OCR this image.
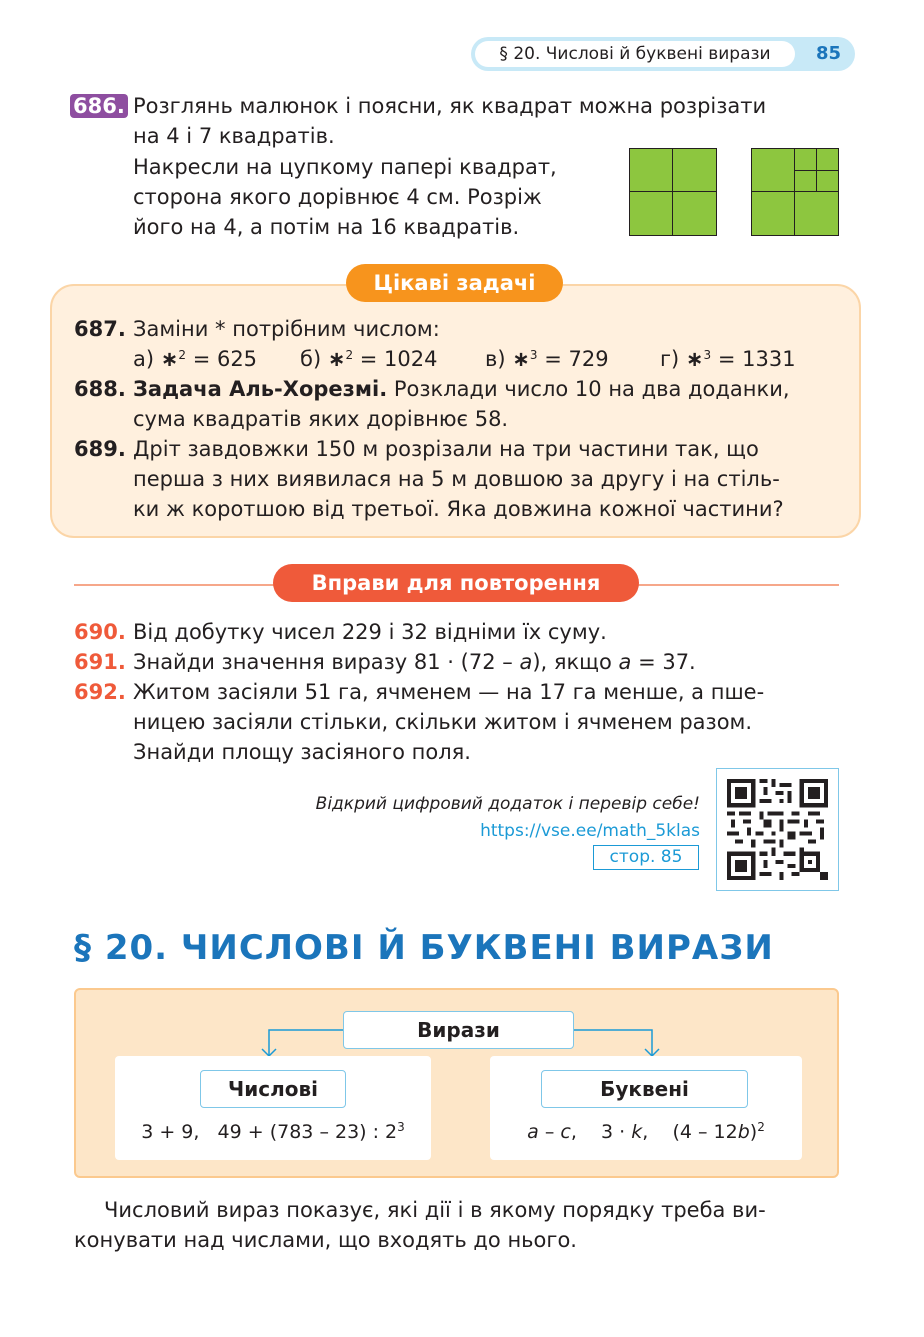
§ 20. Числові й буквені вирази	85
686. Розглянь малюнок і поясни, як квадрат можна розрізати
на 4 і 7 квадратів.
Накресли на цупкому папері квадрат,
сторона якого дорівнює 4 см. Розріж
його на 4, а потім на 16 квадратів.
Цікаві задачі
687. Заміни * потрібним числом:
а) ∗$^2$ = 625 б) ∗$^2$ = 1024 в) ∗$^3$ = 729 г) ∗$^3$ = 1331
688. Задача Аль-Хорезмі. Розклади число 10 на два доданки,
сума квадратів яких дорівнює 58.
689. Дріт завдовжки 150 м розрізали на три частини так, що
перша з них виявилася на 5 м довшою за другу і на стіль-
ки ж коротшою від третьої. Яка довжина кожної частини?
Вправи для повторення
690. Від добутку чисел 229 і 32 відніми їх суму.
691. Знайди значення виразу 81 · (72 – a), якщо a = 37.
692. Житом засіяли 51 га, ячменем — на 17 га менше, а пше-
ницею засіяли стільки, скільки житом і ячменем разом.
Знайди площу засіяного поля.
Відкрий цифровий додаток і перевір себе!
https://vse.ee/math_5klas
стор. 85
§ 20. ЧИСЛОВІ Й БУКВЕНІ ВИРАЗИ
Вирази
Числові
3 + 9, 49 + (783 – 23) : $2^3$
Буквені
a – c,    3 · k,    (4 – 12b)$^2$
Числовий вираз показує, які дії і в якому порядку треба ви-
конувати над числами, що входять до нього.
